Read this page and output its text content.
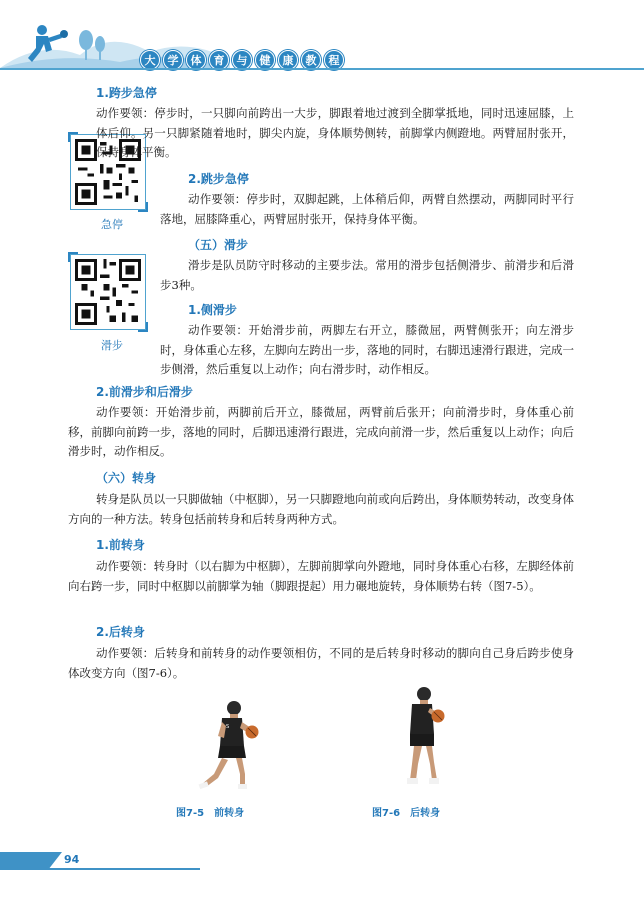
大	学	体	育	与	健	康	教	程
急停
滑步
1.跨步急停
动作要领：停步时，一只脚向前跨出一大步，脚跟着地过渡到全脚掌抵地，同时迅速屈膝，上体后仰。另一只脚紧随着地时，脚尖内旋，身体顺势侧转，前脚掌内侧蹬地。两臂屈肘张开，保持身体平衡。
2.跳步急停
动作要领：停步时，双脚起跳，上体稍后仰，两臂自然摆动，两脚同时平行落地，屈膝降重心，两臂屈肘张开，保持身体平衡。
（五）滑步
滑步是队员防守时移动的主要步法。常用的滑步包括侧滑步、前滑步和后滑步3种。
1.侧滑步
动作要领：开始滑步前，两脚左右开立，膝微屈，两臂侧张开；向左滑步时，身体重心左移，左脚向左跨出一步，落地的同时，右脚迅速滑行跟进，完成一步侧滑，然后重复以上动作；向右滑步时，动作相反。
2.前滑步和后滑步
动作要领：开始滑步前，两脚前后开立，膝微屈，两臂前后张开；向前滑步时，身体重心前移，前脚向前跨一步，落地的同时，后脚迅速滑行跟进，完成向前滑一步，然后重复以上动作；向后滑步时，动作相反。
（六）转身
转身是队员以一只脚做轴（中枢脚），另一只脚蹬地向前或向后跨出，身体顺势转动，改变身体方向的一种方法。转身包括前转身和后转身两种方式。
1.前转身
动作要领：转身时（以右脚为中枢脚），左脚前脚掌向外蹬地，同时身体重心右移，左脚经体前向右跨一步，同时中枢脚以前脚掌为轴（脚跟提起）用力碾地旋转，身体顺势右转（图7-5）。
2.后转身
动作要领：后转身和前转身的动作要领相仿，不同的是后转身时移动的脚向自己身后跨步使身体改变方向（图7-6）。
S
图7-5　前转身	图7-6　后转身
94
